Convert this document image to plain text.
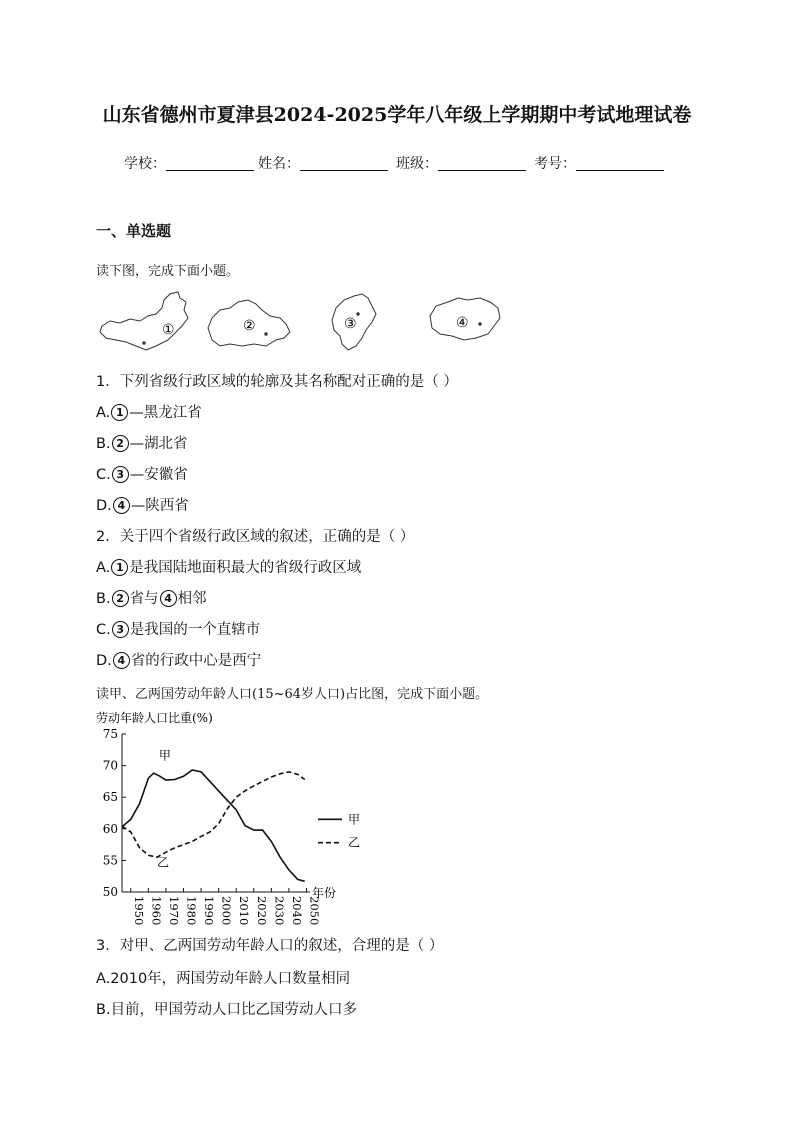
山东省德州市夏津县2024-2025学年八年级上学期期中考试地理试卷
学校：	姓名：	班级：	考号：
一、单选题
读下图，完成下面小题。
①	②	③	④
1．下列省级行政区域的轮廓及其名称配对正确的是（ ）
A. 1 —黑龙江省
B. 2 —湖北省
C. 3 —安徽省
D. 4 —陕西省
2．关于四个省级行政区域的叙述，正确的是（ ）
A. 1 是我国陆地面积最大的省级行政区域
B. 2 省与 4 相邻
C. 3 是我国的一个直辖市
D. 4 省的行政中心是西宁
读甲、乙两国劳动年龄人口(15~64岁人口)占比图，完成下面小题。
劳动年龄人口比重(%)
50
55
60
65
70
75
1950 1960 1970 1980 1990 2000 2010 2020 2030 2040 2050
年份
甲
乙
甲
乙
3．对甲、乙两国劳动年龄人口的叙述，合理的是（ ）
A.2010年，两国劳动年龄人口数量相同
B.目前，甲国劳动人口比乙国劳动人口多
